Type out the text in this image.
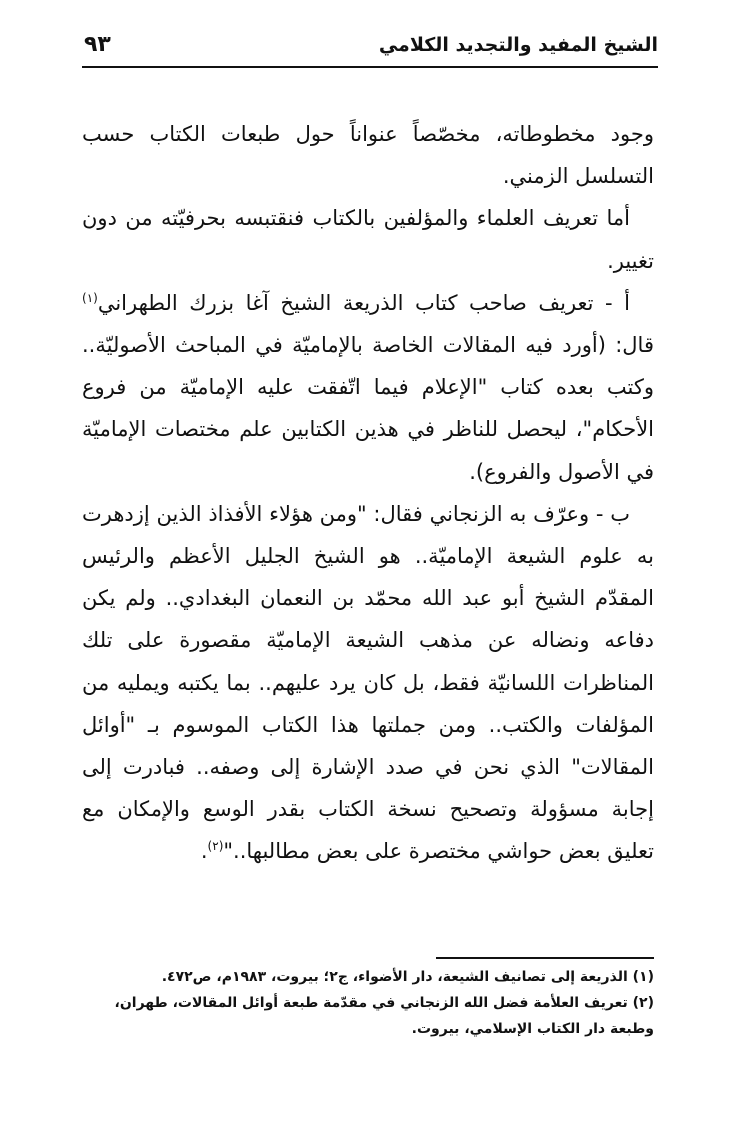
٩٣	الشيخ المفيد والتجديد الكلامي

وجود مخطوطاته، مخصّصاً عنواناً حول طبعات الكتاب حسب التسلسل الزمني.

أما تعريف العلماء والمؤلفين بالكتاب فنقتبسه بحرفيّته من دون تغيير.

أ - تعريف صاحب كتاب الذريعة الشيخ آغا بزرك الطهراني$^{(١)}$ قال: (أورد فيه المقالات الخاصة بالإماميّة في المباحث الأصوليّة.. وكتب بعده كتاب "الإعلام فيما اتّفقت عليه الإماميّة من فروع الأحكام"، ليحصل للناظر في هذين الكتابين علم مختصات الإماميّة في الأصول والفروع).

ب - وعرّف به الزنجاني فقال: "ومن هؤلاء الأفذاذ الذين إزدهرت به علوم الشيعة الإماميّة.. هو الشيخ الجليل الأعظم والرئيس المقدّم الشيخ أبو عبد الله محمّد بن النعمان البغدادي.. ولم يكن دفاعه ونضاله عن مذهب الشيعة الإماميّة مقصورة على تلك المناظرات اللسانيّة فقط، بل كان يرد عليهم.. بما يكتبه ويمليه من المؤلفات والكتب.. ومن جملتها هذا الكتاب الموسوم بـ "أوائل المقالات" الذي نحن في صدد الإشارة إلى وصفه.. فبادرت إلى إجابة مسؤولة وتصحيح نسخة الكتاب بقدر الوسع والإمكان مع تعليق بعض حواشي مختصرة على بعض مطالبها.."$^{(٢)}$.

(١) الذريعة إلى تصانيف الشيعة، دار الأضواء، ج٢؛ بيروت، ١٩٨٣م، ص٤٧٢.

(٢) تعريف العلأمة فضل الله الزنجاني في مقدّمة طبعة أوائل المقالات، طهران، وطبعة دار الكتاب الإسلامي، بيروت.
